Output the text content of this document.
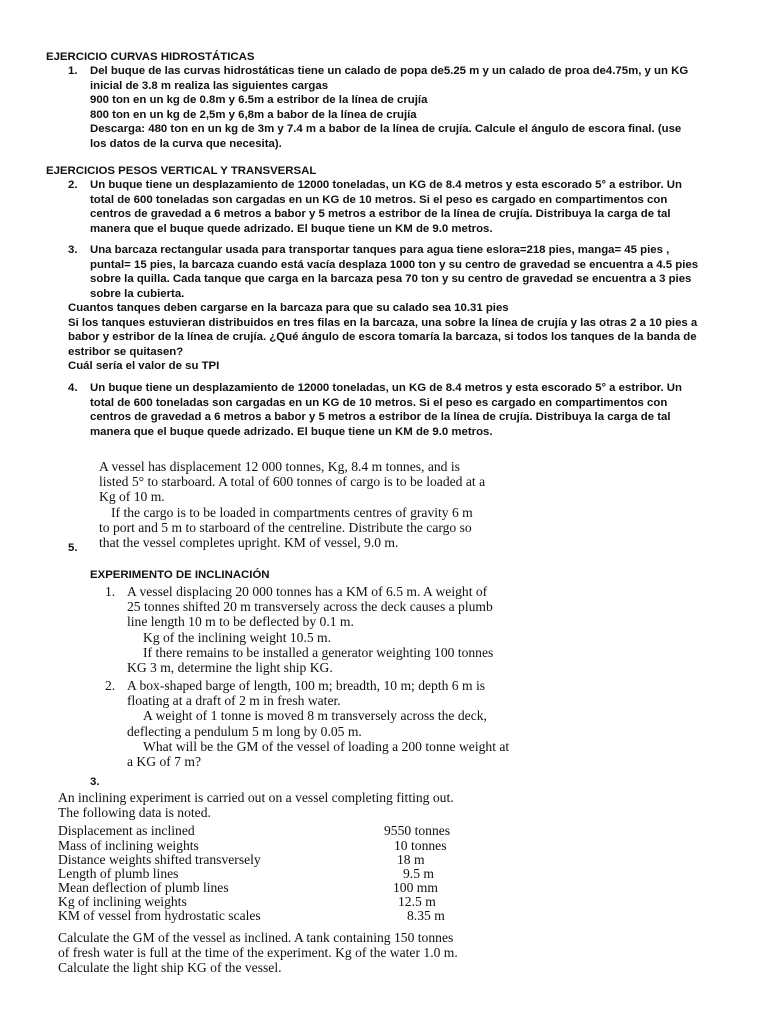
EJERCICIO CURVAS HIDROSTÁTICAS
1. Del buque de las curvas hidrostáticas tiene un calado de popa de5.25 m y un calado de proa de4.75m, y un KG
inicial de 3.8 m realiza las siguientes cargas
900 ton en un kg de 0.8m y 6.5m a estribor de la línea de crujía
800 ton en un kg de 2,5m y 6,8m a babor de la línea de crujía
Descarga: 480 ton en un kg de 3m y 7.4 m a babor de la línea de crujía. Calcule el ángulo de escora final. (use
los datos de la curva que necesita).
EJERCICIOS PESOS VERTICAL Y TRANSVERSAL
2. Un buque tiene un desplazamiento de 12000 toneladas, un KG de 8.4 metros y esta escorado 5° a estribor. Un
total de 600 toneladas son cargadas en un KG de 10 metros. Si el peso es cargado en compartimentos con
centros de gravedad a 6 metros a babor y 5 metros a estribor de la línea de crujía. Distribuya la carga de tal
manera que el buque quede adrizado. El buque tiene un KM de 9.0 metros.
3. Una barcaza rectangular usada para transportar tanques para agua tiene eslora=218 pies, manga= 45 pies ,
puntal= 15 pies, la barcaza cuando está vacía desplaza 1000 ton y su centro de gravedad se encuentra a 4.5 pies
sobre la quilla. Cada tanque que carga en la barcaza pesa 70 ton y su centro de gravedad se encuentra a 3 pies
sobre la cubierta.
Cuantos tanques deben cargarse en la barcaza para que su calado sea 10.31 pies
Si los tanques estuvieran distribuidos en tres filas en la barcaza, una sobre la línea de crujía y las otras 2 a 10 pies a
babor y estribor de la línea de crujía. ¿Qué ángulo de escora tomaría la barcaza, si todos los tanques de la banda de
estribor se quitasen?
Cuál sería el valor de su TPI
4. Un buque tiene un desplazamiento de 12000 toneladas, un KG de 8.4 metros y esta escorado 5° a estribor. Un
total de 600 toneladas son cargadas en un KG de 10 metros. Si el peso es cargado en compartimentos con
centros de gravedad a 6 metros a babor y 5 metros a estribor de la línea de crujía. Distribuya la carga de tal
manera que el buque quede adrizado. El buque tiene un KM de 9.0 metros.
A vessel has displacement 12 000 tonnes, Kg, 8.4 m tonnes, and is
listed 5° to starboard. A total of 600 tonnes of cargo is to be loaded at a
Kg of 10 m.
If the cargo is to be loaded in compartments centres of gravity 6 m
to port and 5 m to starboard of the centreline. Distribute the cargo so
that the vessel completes upright. KM of vessel, 9.0 m.
5.
EXPERIMENTO DE INCLINACIÓN
1. A vessel displacing 20 000 tonnes has a KM of 6.5 m. A weight of
25 tonnes shifted 20 m transversely across the deck causes a plumb
line length 10 m to be deflected by 0.1 m.
Kg of the inclining weight 10.5 m.
If there remains to be installed a generator weighting 100 tonnes
KG 3 m, determine the light ship KG.
2. A box-shaped barge of length, 100 m; breadth, 10 m; depth 6 m is
floating at a draft of 2 m in fresh water.
A weight of 1 tonne is moved 8 m transversely across the deck,
deflecting a pendulum 5 m long by 0.05 m.
What will be the GM of the vessel of loading a 200 tonne weight at
a KG of 7 m?
3.
An inclining experiment is carried out on a vessel completing fitting out.
The following data is noted.
Displacement as inclined	9550 tonnes
Mass of inclining weights	10 tonnes
Distance weights shifted transversely	18 m
Length of plumb lines	9.5 m
Mean deflection of plumb lines	100 mm
Kg of inclining weights	12.5 m
KM of vessel from hydrostatic scales	8.35 m
Calculate the GM of the vessel as inclined. A tank containing 150 tonnes
of fresh water is full at the time of the experiment. Kg of the water 1.0 m.
Calculate the light ship KG of the vessel.
